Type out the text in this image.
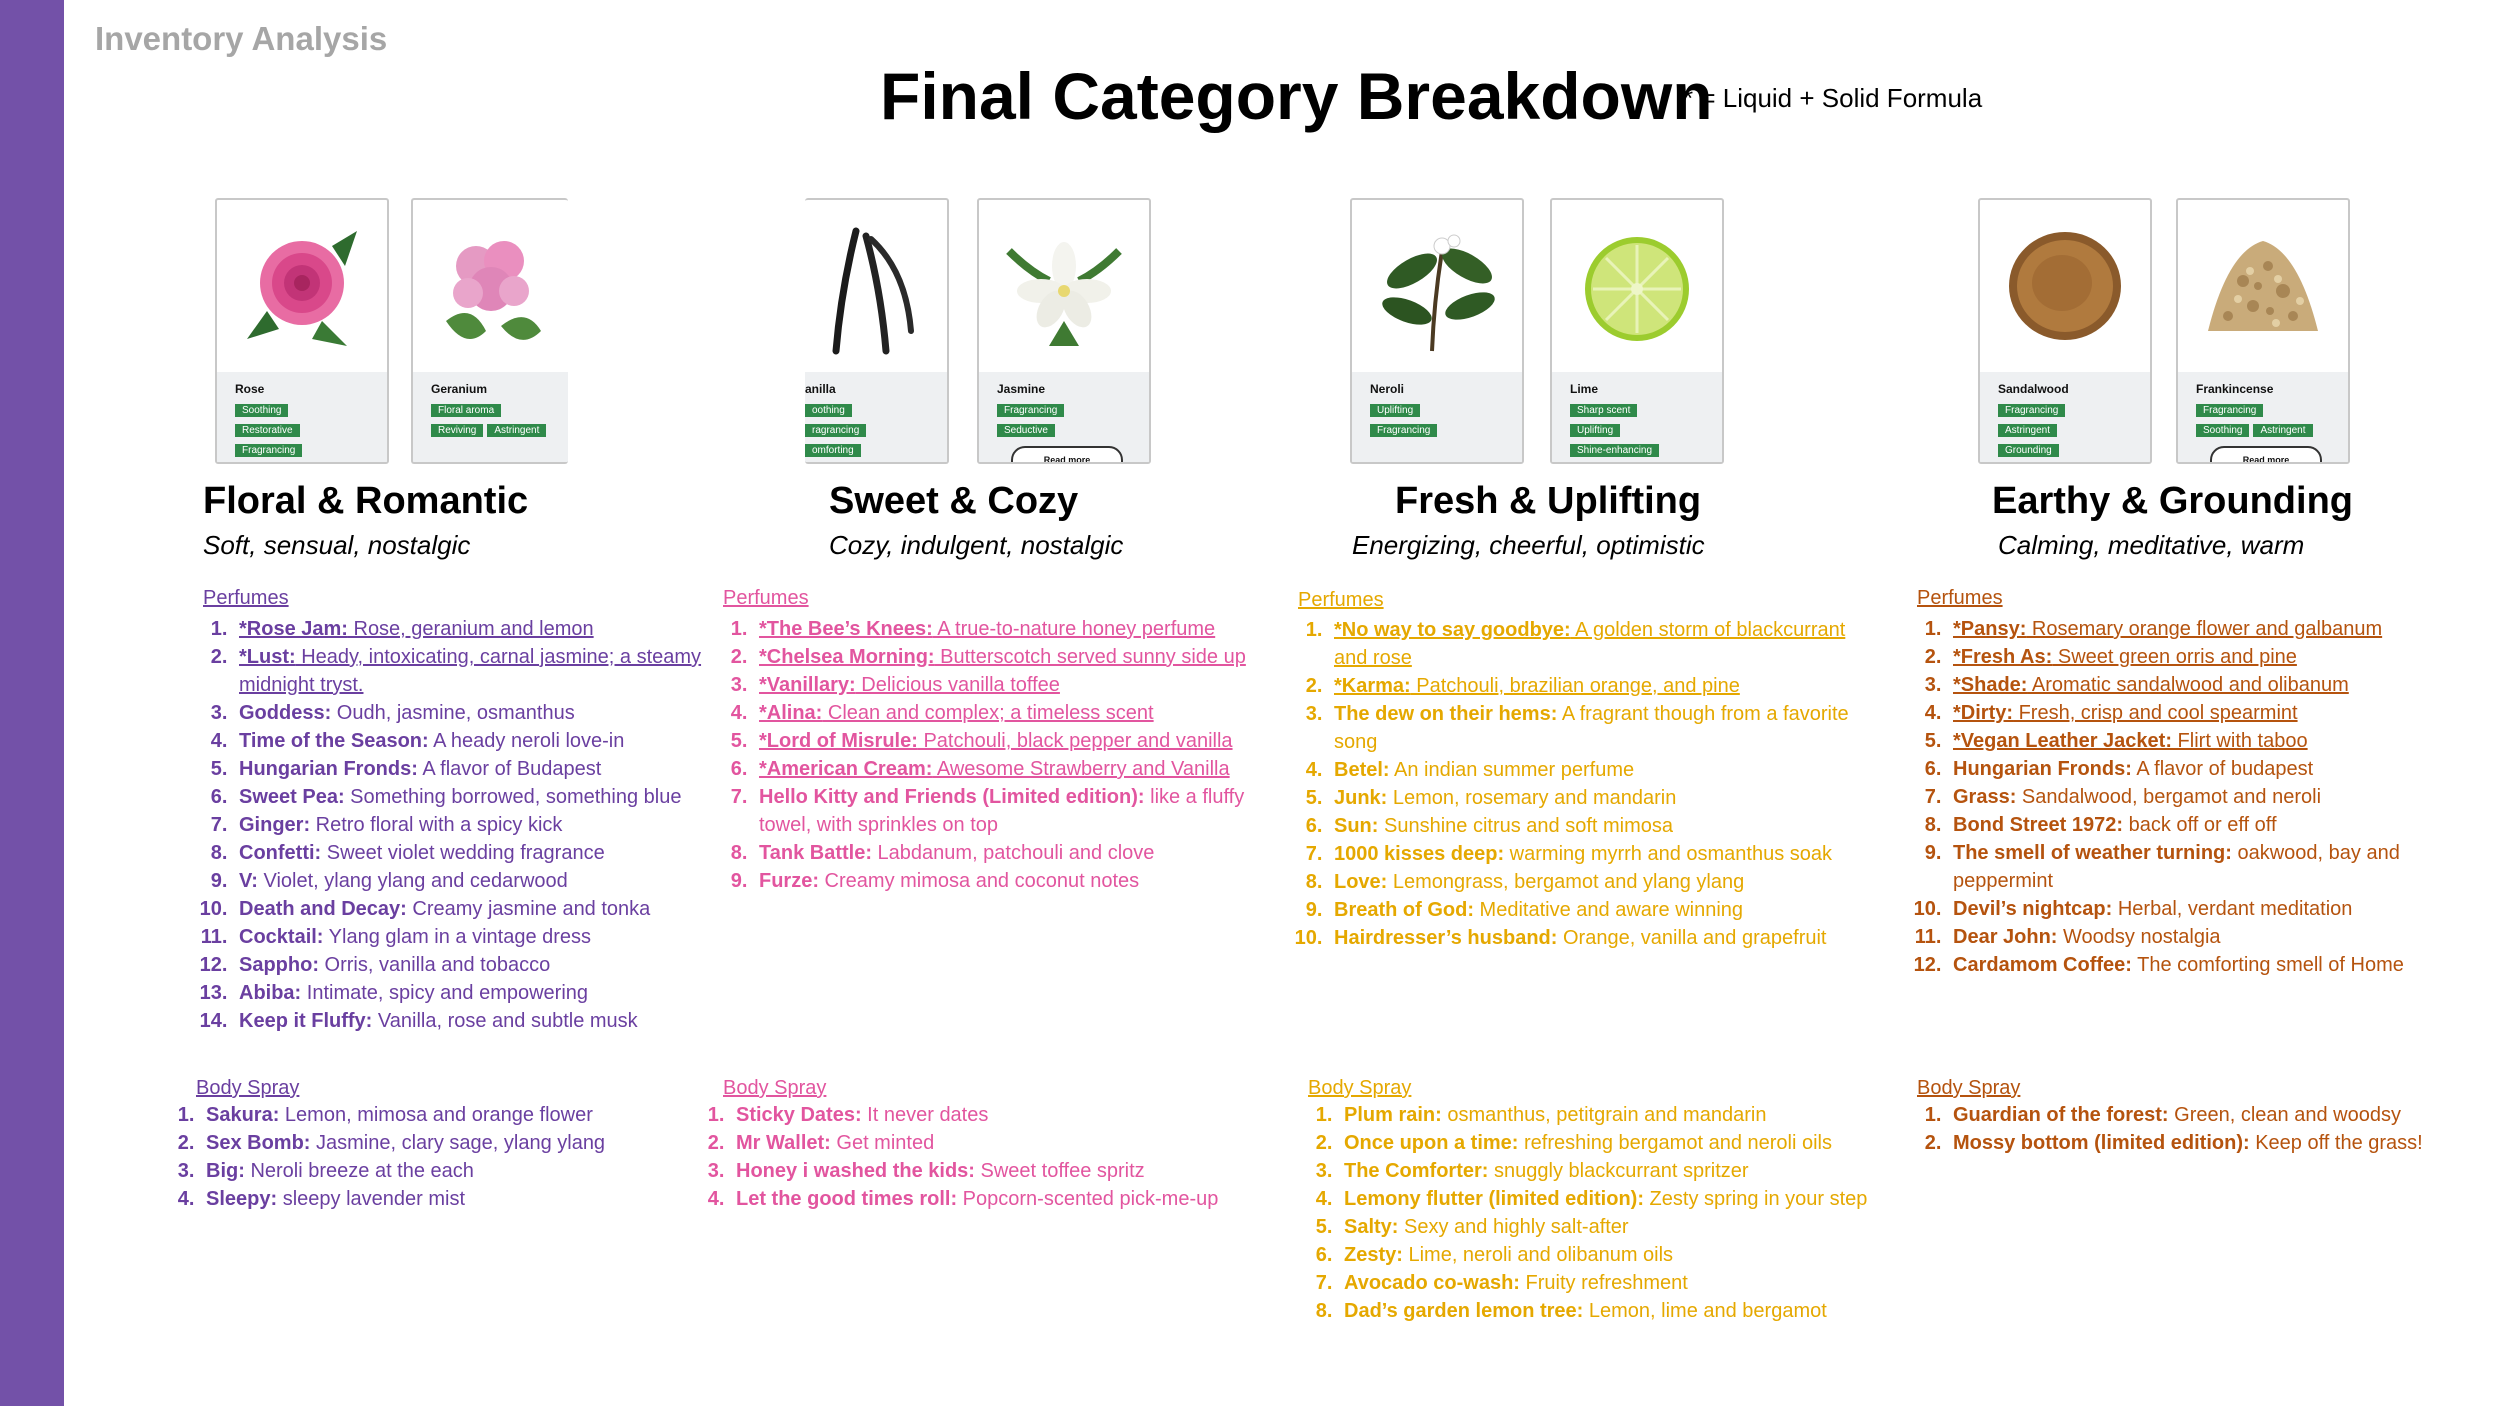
Inventory Analysis
Final Category Breakdown
* = Liquid + Solid Formula
Rose
Soothing
Restorative
Fragrancing
Geranium
Floral aroma
Reviving Astringent
Floral & Romantic
Soft, sensual, nostalgic
Perfumes
1. *Rose Jam: Rose, geranium and lemon
2. *Lust: Heady, intoxicating, carnal jasmine; a steamy midnight tryst.
3. Goddess: Oudh, jasmine, osmanthus
4. Time of the Season: A heady neroli love-in
5. Hungarian Fronds: A flavor of Budapest
6. Sweet Pea: Something borrowed, something blue
7. Ginger: Retro floral with a spicy kick
8. Confetti: Sweet violet wedding fragrance
9. V: Violet, ylang ylang and cedarwood
10. Death and Decay: Creamy jasmine and tonka
11. Cocktail: Ylang glam in a vintage dress
12. Sappho: Orris, vanilla and tobacco
13. Abiba: Intimate, spicy and empowering
14. Keep it Fluffy: Vanilla, rose and subtle musk
Body Spray
1. Sakura: Lemon, mimosa and orange flower
2. Sex Bomb: Jasmine, clary sage, ylang ylang
3. Big: Neroli breeze at the each
4. Sleepy: sleepy lavender mist
anilla
oothing
ragrancing
omforting
Jasmine
Fragrancing
Seductive
Read more
Sweet & Cozy
Cozy, indulgent, nostalgic
Perfumes
1. *The Bee’s Knees: A true-to-nature honey perfume
2. *Chelsea Morning: Butterscotch served sunny side up
3. *Vanillary: Delicious vanilla toffee
4. *Alina: Clean and complex; a timeless scent
5. *Lord of Misrule: Patchouli, black pepper and vanilla
6. *American Cream: Awesome Strawberry and Vanilla
7. Hello Kitty and Friends (Limited edition): like a fluffy towel, with sprinkles on top
8. Tank Battle: Labdanum, patchouli and clove
9. Furze: Creamy mimosa and coconut notes
Body Spray
1. Sticky Dates: It never dates
2. Mr Wallet: Get minted
3. Honey i washed the kids: Sweet toffee spritz
4. Let the good times roll: Popcorn-scented pick-me-up
Neroli
Uplifting
Fragrancing
Lime
Sharp scent
Uplifting
Shine-enhancing
Fresh & Uplifting
Energizing, cheerful, optimistic
Perfumes
1. *No way to say goodbye: A golden storm of blackcurrant and rose
2. *Karma: Patchouli, brazilian orange, and pine
3. The dew on their hems: A fragrant though from a favorite song
4. Betel: An indian summer perfume
5. Junk: Lemon, rosemary and mandarin
6. Sun: Sunshine citrus and soft mimosa
7. 1000 kisses deep: warming myrrh and osmanthus soak
8. Love: Lemongrass, bergamot and ylang ylang
9. Breath of God: Meditative and aware winning
10. Hairdresser’s husband: Orange, vanilla and grapefruit
Body Spray
1. Plum rain: osmanthus, petitgrain and mandarin
2. Once upon a time: refreshing bergamot and neroli oils
3. The Comforter: snuggly blackcurrant spritzer
4. Lemony flutter (limited edition): Zesty spring in your step
5. Salty: Sexy and highly salt-after
6. Zesty: Lime, neroli and olibanum oils
7. Avocado co-wash: Fruity refreshment
8. Dad’s garden lemon tree: Lemon, lime and bergamot
Sandalwood
Fragrancing
Astringent
Grounding
Frankincense
Fragrancing
Soothing Astringent
Read more
Earthy & Grounding
Calming, meditative, warm
Perfumes
1. *Pansy: Rosemary orange flower and galbanum
2. *Fresh As: Sweet green orris and pine
3. *Shade: Aromatic sandalwood and olibanum
4. *Dirty: Fresh, crisp and cool spearmint
5. *Vegan Leather Jacket: Flirt with taboo
6. Hungarian Fronds: A flavor of budapest
7. Grass: Sandalwood, bergamot and neroli
8. Bond Street 1972: back off or eff off
9. The smell of weather turning: oakwood, bay and peppermint
10. Devil’s nightcap: Herbal, verdant meditation
11. Dear John: Woodsy nostalgia
12. Cardamom Coffee: The comforting smell of Home
Body Spray
1. Guardian of the forest: Green, clean and woodsy
2. Mossy bottom (limited edition): Keep off the grass!
